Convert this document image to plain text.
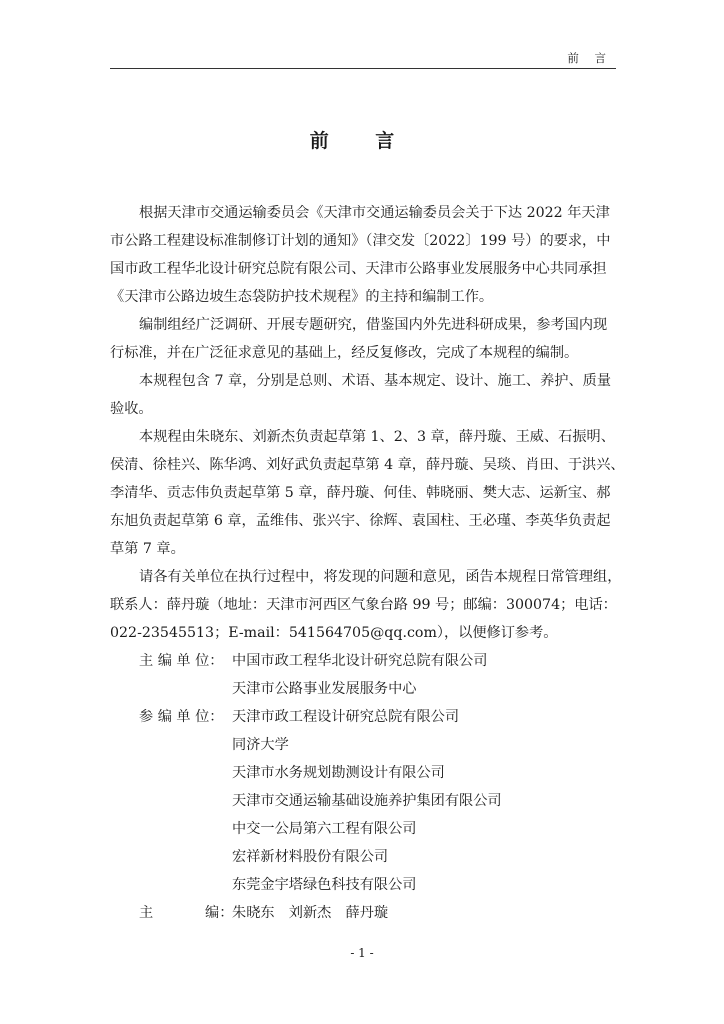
前 言
前 言
根据天津市交通运输委员会《天津市交通运输委员会关于下达 2022 年天津
市公路工程建设标准制修订计划的通知》（津交发〔2022〕199 号）的要求，中
国市政工程华北设计研究总院有限公司、天津市公路事业发展服务中心共同承担
《天津市公路边坡生态袋防护技术规程》的主持和编制工作。
编制组经广泛调研、开展专题研究，借鉴国内外先进科研成果，参考国内现
行标准，并在广泛征求意见的基础上，经反复修改，完成了本规程的编制。
本规程包含 7 章，分别是总则、术语、基本规定、设计、施工、养护、质量
验收。
本规程由朱晓东、刘新杰负责起草第 1、2、3 章，薛丹璇、王威、石振明、
侯清、徐桂兴、陈华鸿、刘好武负责起草第 4 章，薛丹璇、吴琰、肖田、于洪兴、
李清华、贡志伟负责起草第 5 章，薛丹璇、何佳、韩晓丽、樊大志、运新宝、郝
东旭负责起草第 6 章，孟维伟、张兴宇、徐辉、袁国柱、王必瑾、李英华负责起
草第 7 章。
请各有关单位在执行过程中，将发现的问题和意见，函告本规程日常管理组，
联系人：薛丹璇（地址：天津市河西区气象台路 99 号；邮编：300074；电话：
022-23545513；E-mail：541564705@qq.com），以便修订参考。
主 编 单 位： 中国市政工程华北设计研究总院有限公司
天津市公路事业发展服务中心
参 编 单 位： 天津市政工程设计研究总院有限公司
同济大学
天津市水务规划勘测设计有限公司
天津市交通运输基础设施养护集团有限公司
中交一公局第六工程有限公司
宏祥新材料股份有限公司
东莞金宇塔绿色科技有限公司
主	编：
朱晓东　刘新杰　薛丹璇
- 1 -
